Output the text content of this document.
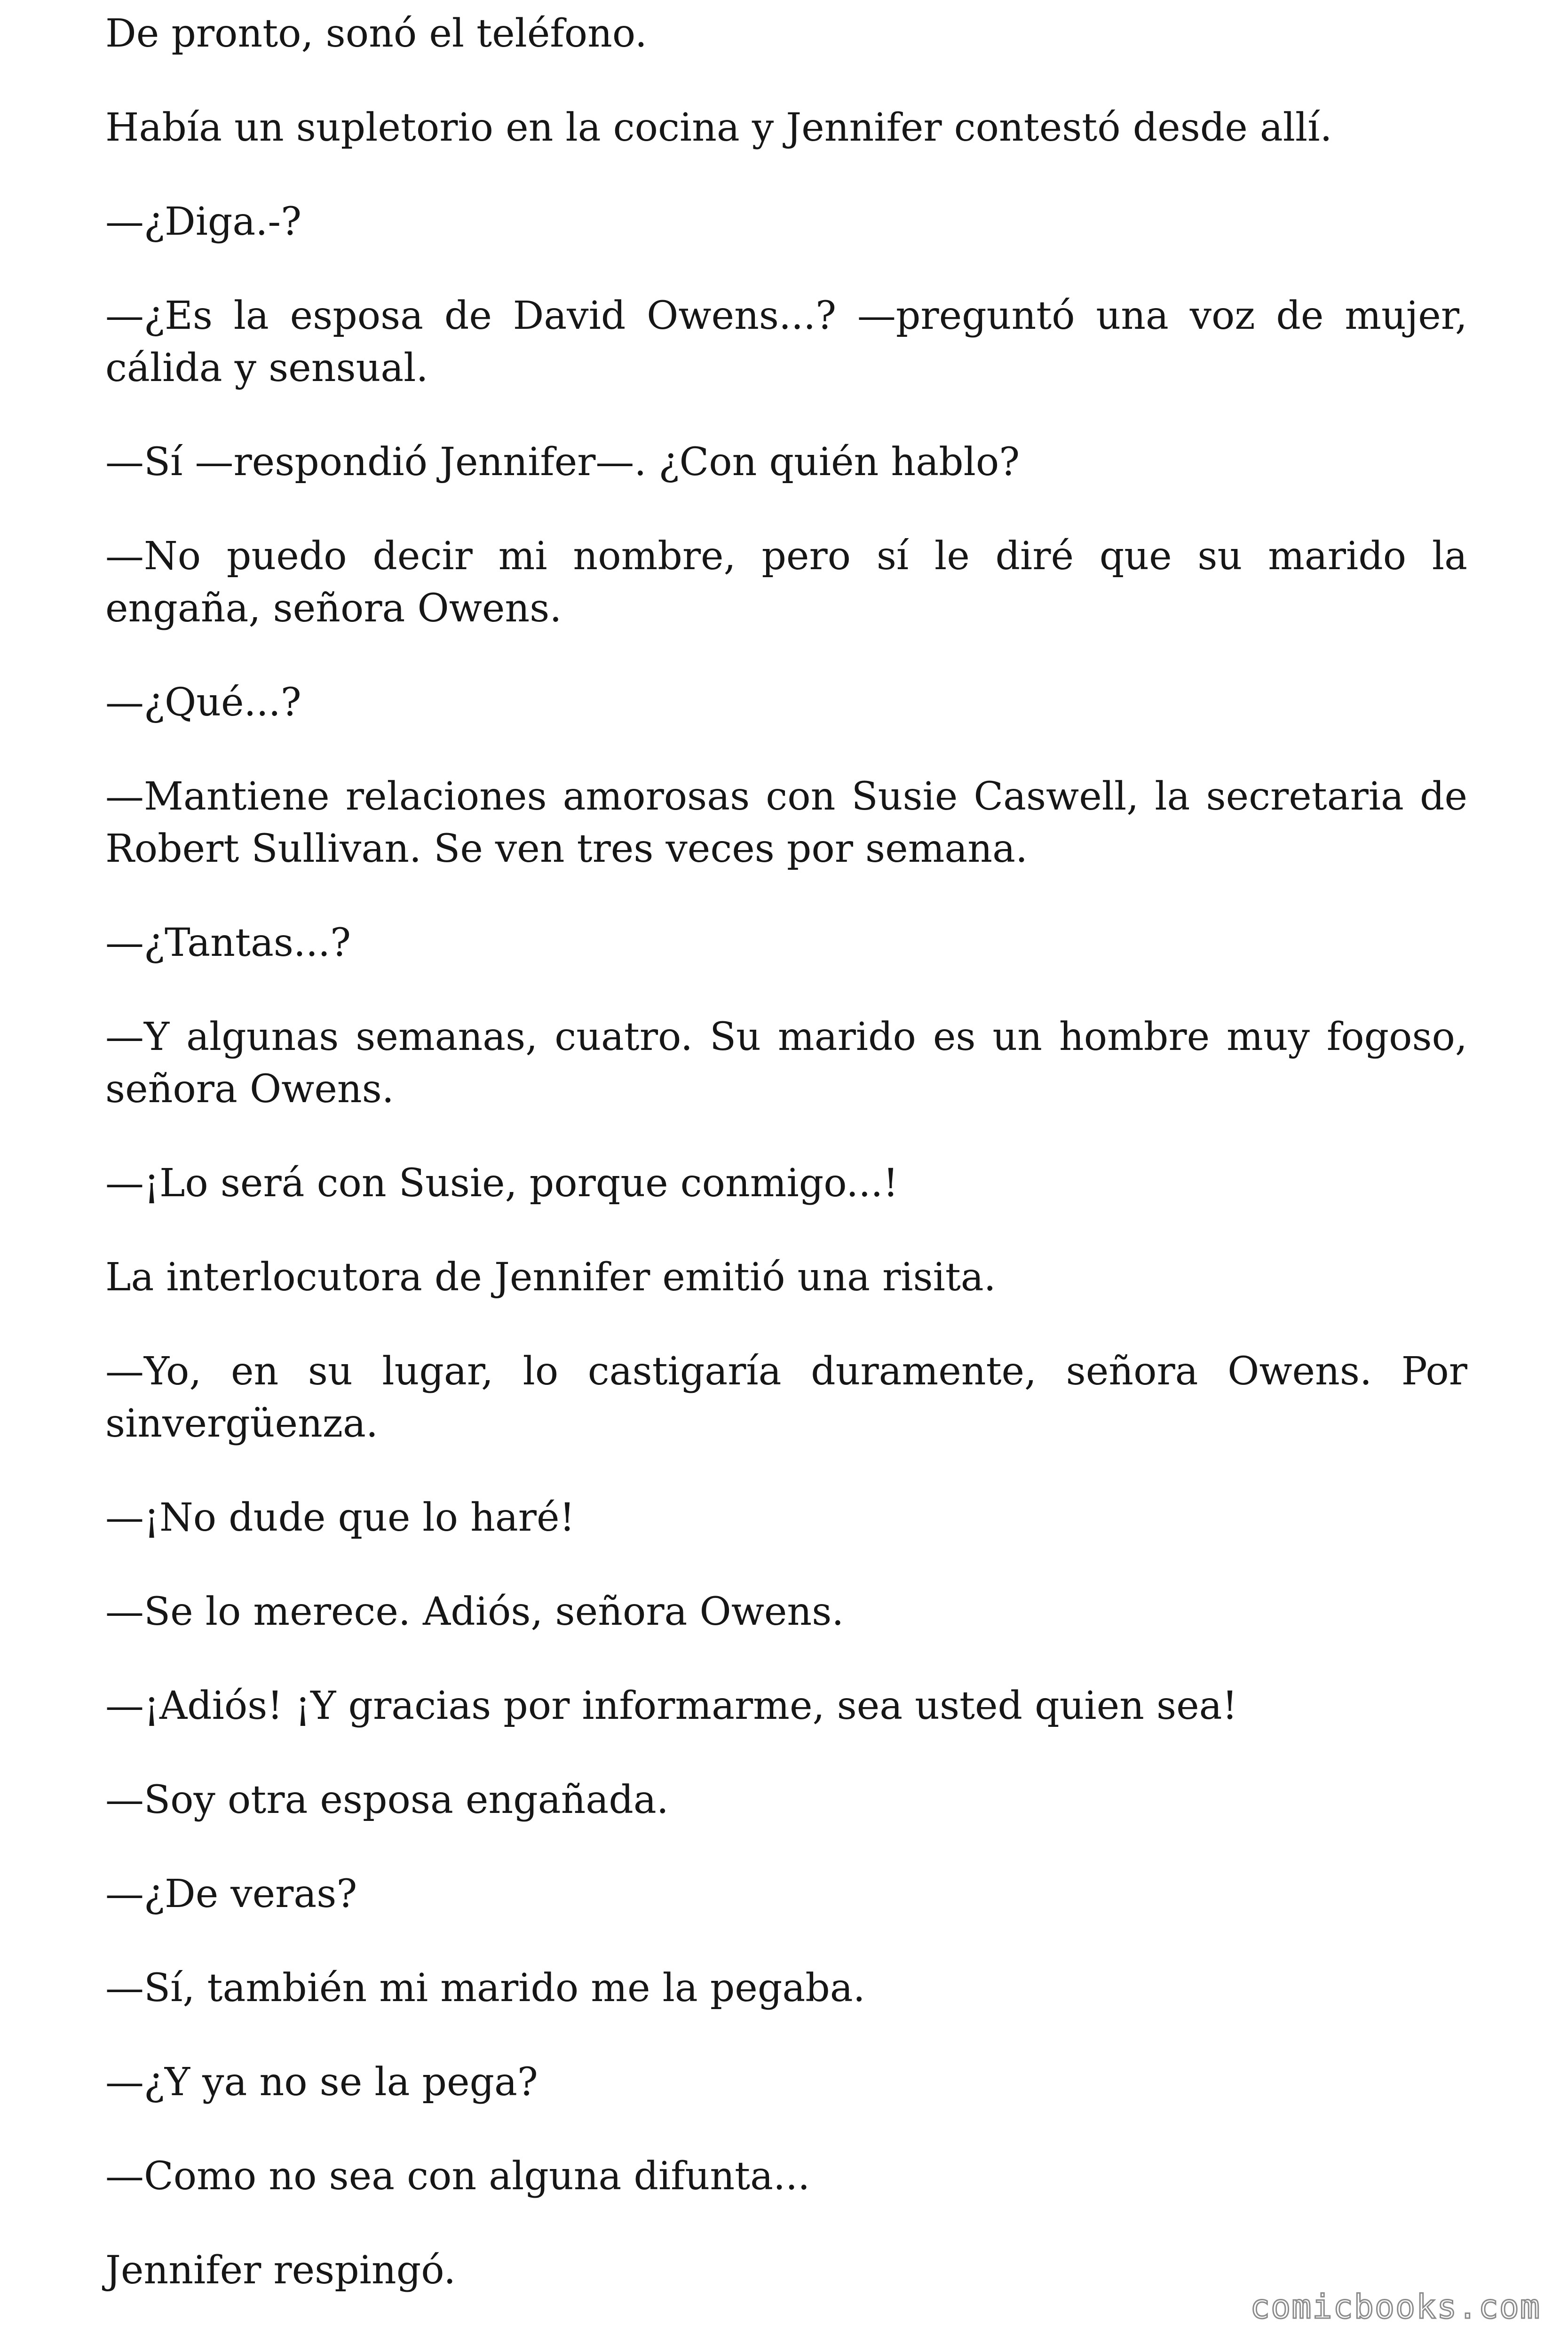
De pronto, sonó el teléfono.

Había un supletorio en la cocina y Jennifer contestó desde allí.

—¿Diga.-?

—¿Es la esposa de David Owens...? —preguntó una voz de mujer, cálida y sensual.

—Sí —respondió Jennifer—. ¿Con quién hablo?

—No puedo decir mi nombre, pero sí le diré que su marido la engaña, señora Owens.

—¿Qué...?

—Mantiene relaciones amorosas con Susie Caswell, la secretaria de Robert Sullivan. Se ven tres veces por semana.

—¿Tantas...?

—Y algunas semanas, cuatro. Su marido es un hombre muy fogoso, señora Owens.

—¡Lo será con Susie, porque conmigo...!

La interlocutora de Jennifer emitió una risita.

—Yo, en su lugar, lo castigaría duramente, señora Owens. Por sinvergüenza.

—¡No dude que lo haré!

—Se lo merece. Adiós, señora Owens.

—¡Adiós! ¡Y gracias por informarme, sea usted quien sea!

—Soy otra esposa engañada.

—¿De veras?

—Sí, también mi marido me la pegaba.

—¿Y ya no se la pega?

—Como no sea con alguna difunta...

Jennifer respingó.

comicbooks.com
